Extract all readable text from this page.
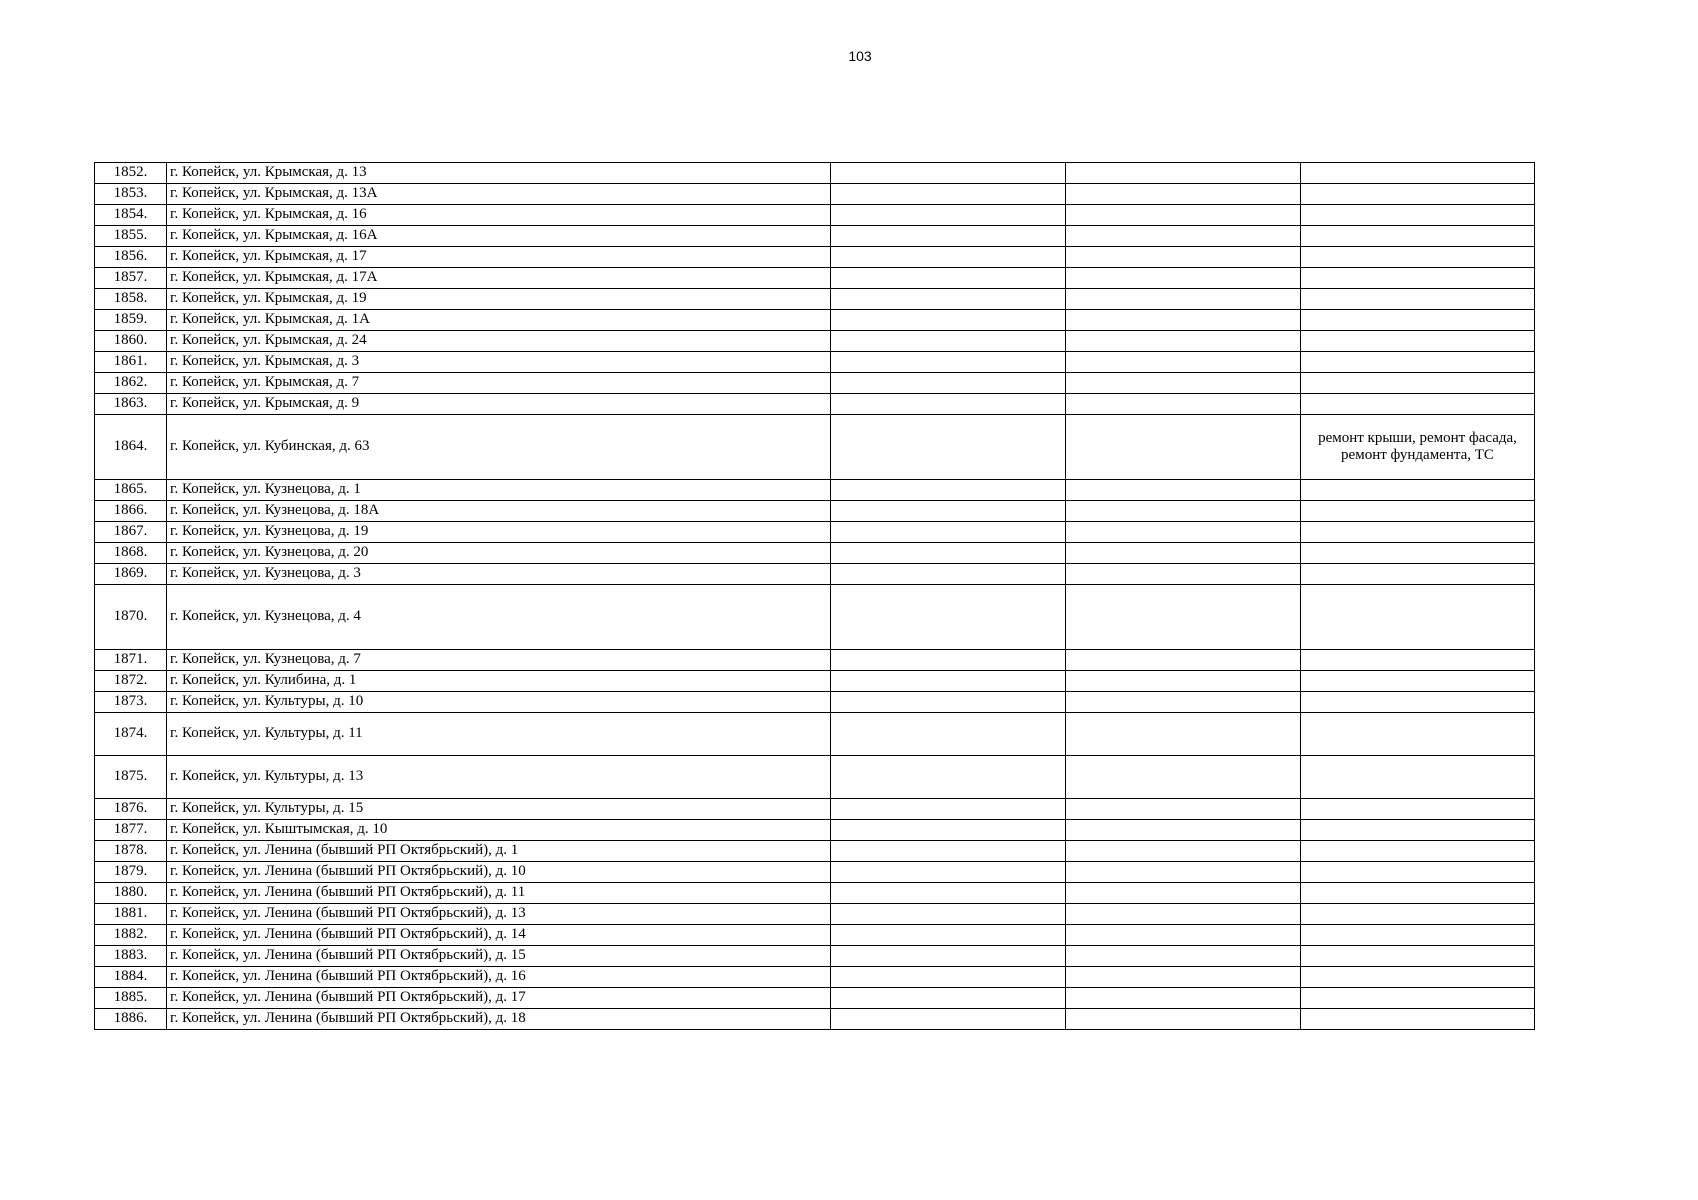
103
1852.	г. Копейск, ул. Крымская, д. 13			
1853.	г. Копейск, ул. Крымская, д. 13А			
1854.	г. Копейск, ул. Крымская, д. 16			
1855.	г. Копейск, ул. Крымская, д. 16А			
1856.	г. Копейск, ул. Крымская, д. 17			
1857.	г. Копейск, ул. Крымская, д. 17А			
1858.	г. Копейск, ул. Крымская, д. 19			
1859.	г. Копейск, ул. Крымская, д. 1А			
1860.	г. Копейск, ул. Крымская, д. 24			
1861.	г. Копейск, ул. Крымская, д. 3			
1862.	г. Копейск, ул. Крымская, д. 7			
1863.	г. Копейск, ул. Крымская, д. 9			
1864.	г. Копейск, ул. Кубинская, д. 63			ремонт крыши, ремонт фасада, ремонт фундамента, ТС
1865.	г. Копейск, ул. Кузнецова, д. 1			
1866.	г. Копейск, ул. Кузнецова, д. 18А			
1867.	г. Копейск, ул. Кузнецова, д. 19			
1868.	г. Копейск, ул. Кузнецова, д. 20			
1869.	г. Копейск, ул. Кузнецова, д. 3			
1870.	г. Копейск, ул. Кузнецова, д. 4			
1871.	г. Копейск, ул. Кузнецова, д. 7			
1872.	г. Копейск, ул. Кулибина, д. 1			
1873.	г. Копейск, ул. Культуры, д. 10			
1874.	г. Копейск, ул. Культуры, д. 11			
1875.	г. Копейск, ул. Культуры, д. 13			
1876.	г. Копейск, ул. Культуры, д. 15			
1877.	г. Копейск, ул. Кыштымская, д. 10			
1878.	г. Копейск, ул. Ленина (бывший РП Октябрьский), д. 1			
1879.	г. Копейск, ул. Ленина (бывший РП Октябрьский), д. 10			
1880.	г. Копейск, ул. Ленина (бывший РП Октябрьский), д. 11			
1881.	г. Копейск, ул. Ленина (бывший РП Октябрьский), д. 13			
1882.	г. Копейск, ул. Ленина (бывший РП Октябрьский), д. 14			
1883.	г. Копейск, ул. Ленина (бывший РП Октябрьский), д. 15			
1884.	г. Копейск, ул. Ленина (бывший РП Октябрьский), д. 16			
1885.	г. Копейск, ул. Ленина (бывший РП Октябрьский), д. 17			
1886.	г. Копейск, ул. Ленина (бывший РП Октябрьский), д. 18			
